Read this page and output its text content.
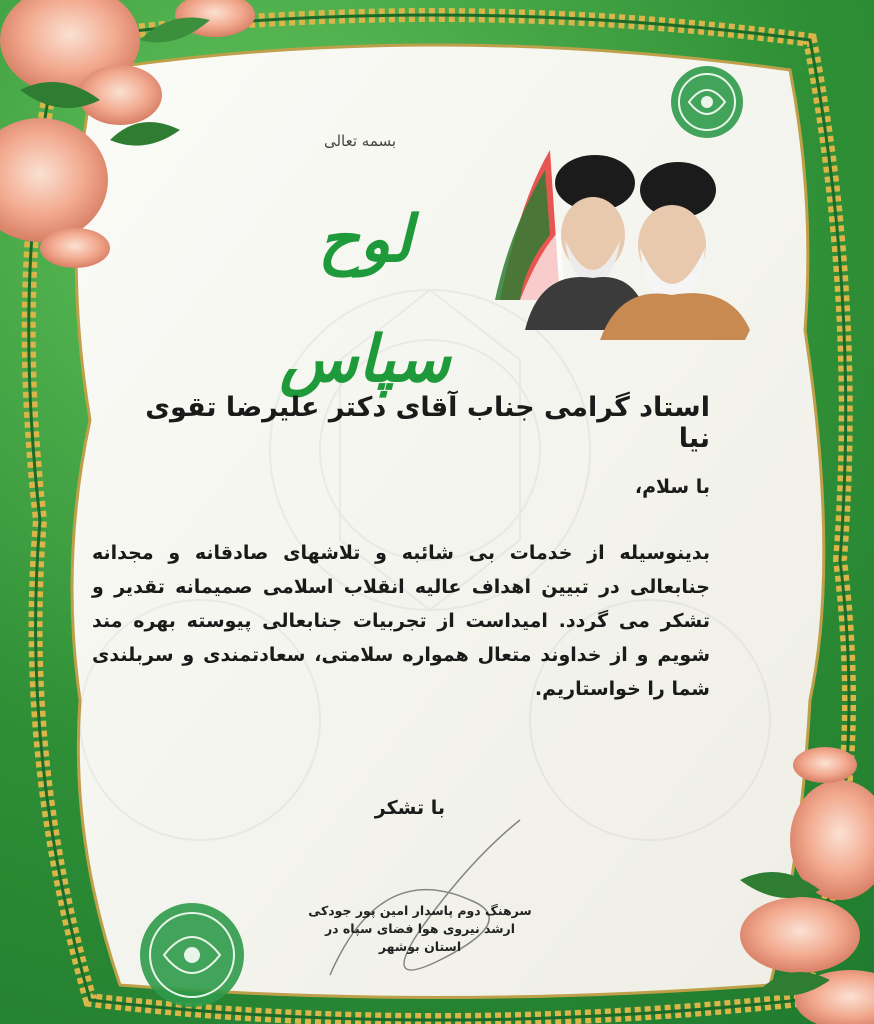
بسمه تعالی
لوح سپاس
استاد گرامی جناب آقای دکتر علیرضا تقوی نیا
با سلام،
بدینوسیله از خدمات بی شائبه و تلاشهای صادقانه و مجدانه جنابعالی در تبیین اهداف عالیه انقلاب اسلامی صمیمانه تقدیر و تشکر می گردد. امیداست از تجربیات جنابعالی پیوسته بهره مند شویم و از خداوند متعال همواره سلامتی، سعادتمندی و سربلندی شما را خواستاریم.
با تشکر
سرهنگ دوم پاسدار امین پور جودکی
ارشد نیروی هوا فضای سپاه در
استان بوشهر
